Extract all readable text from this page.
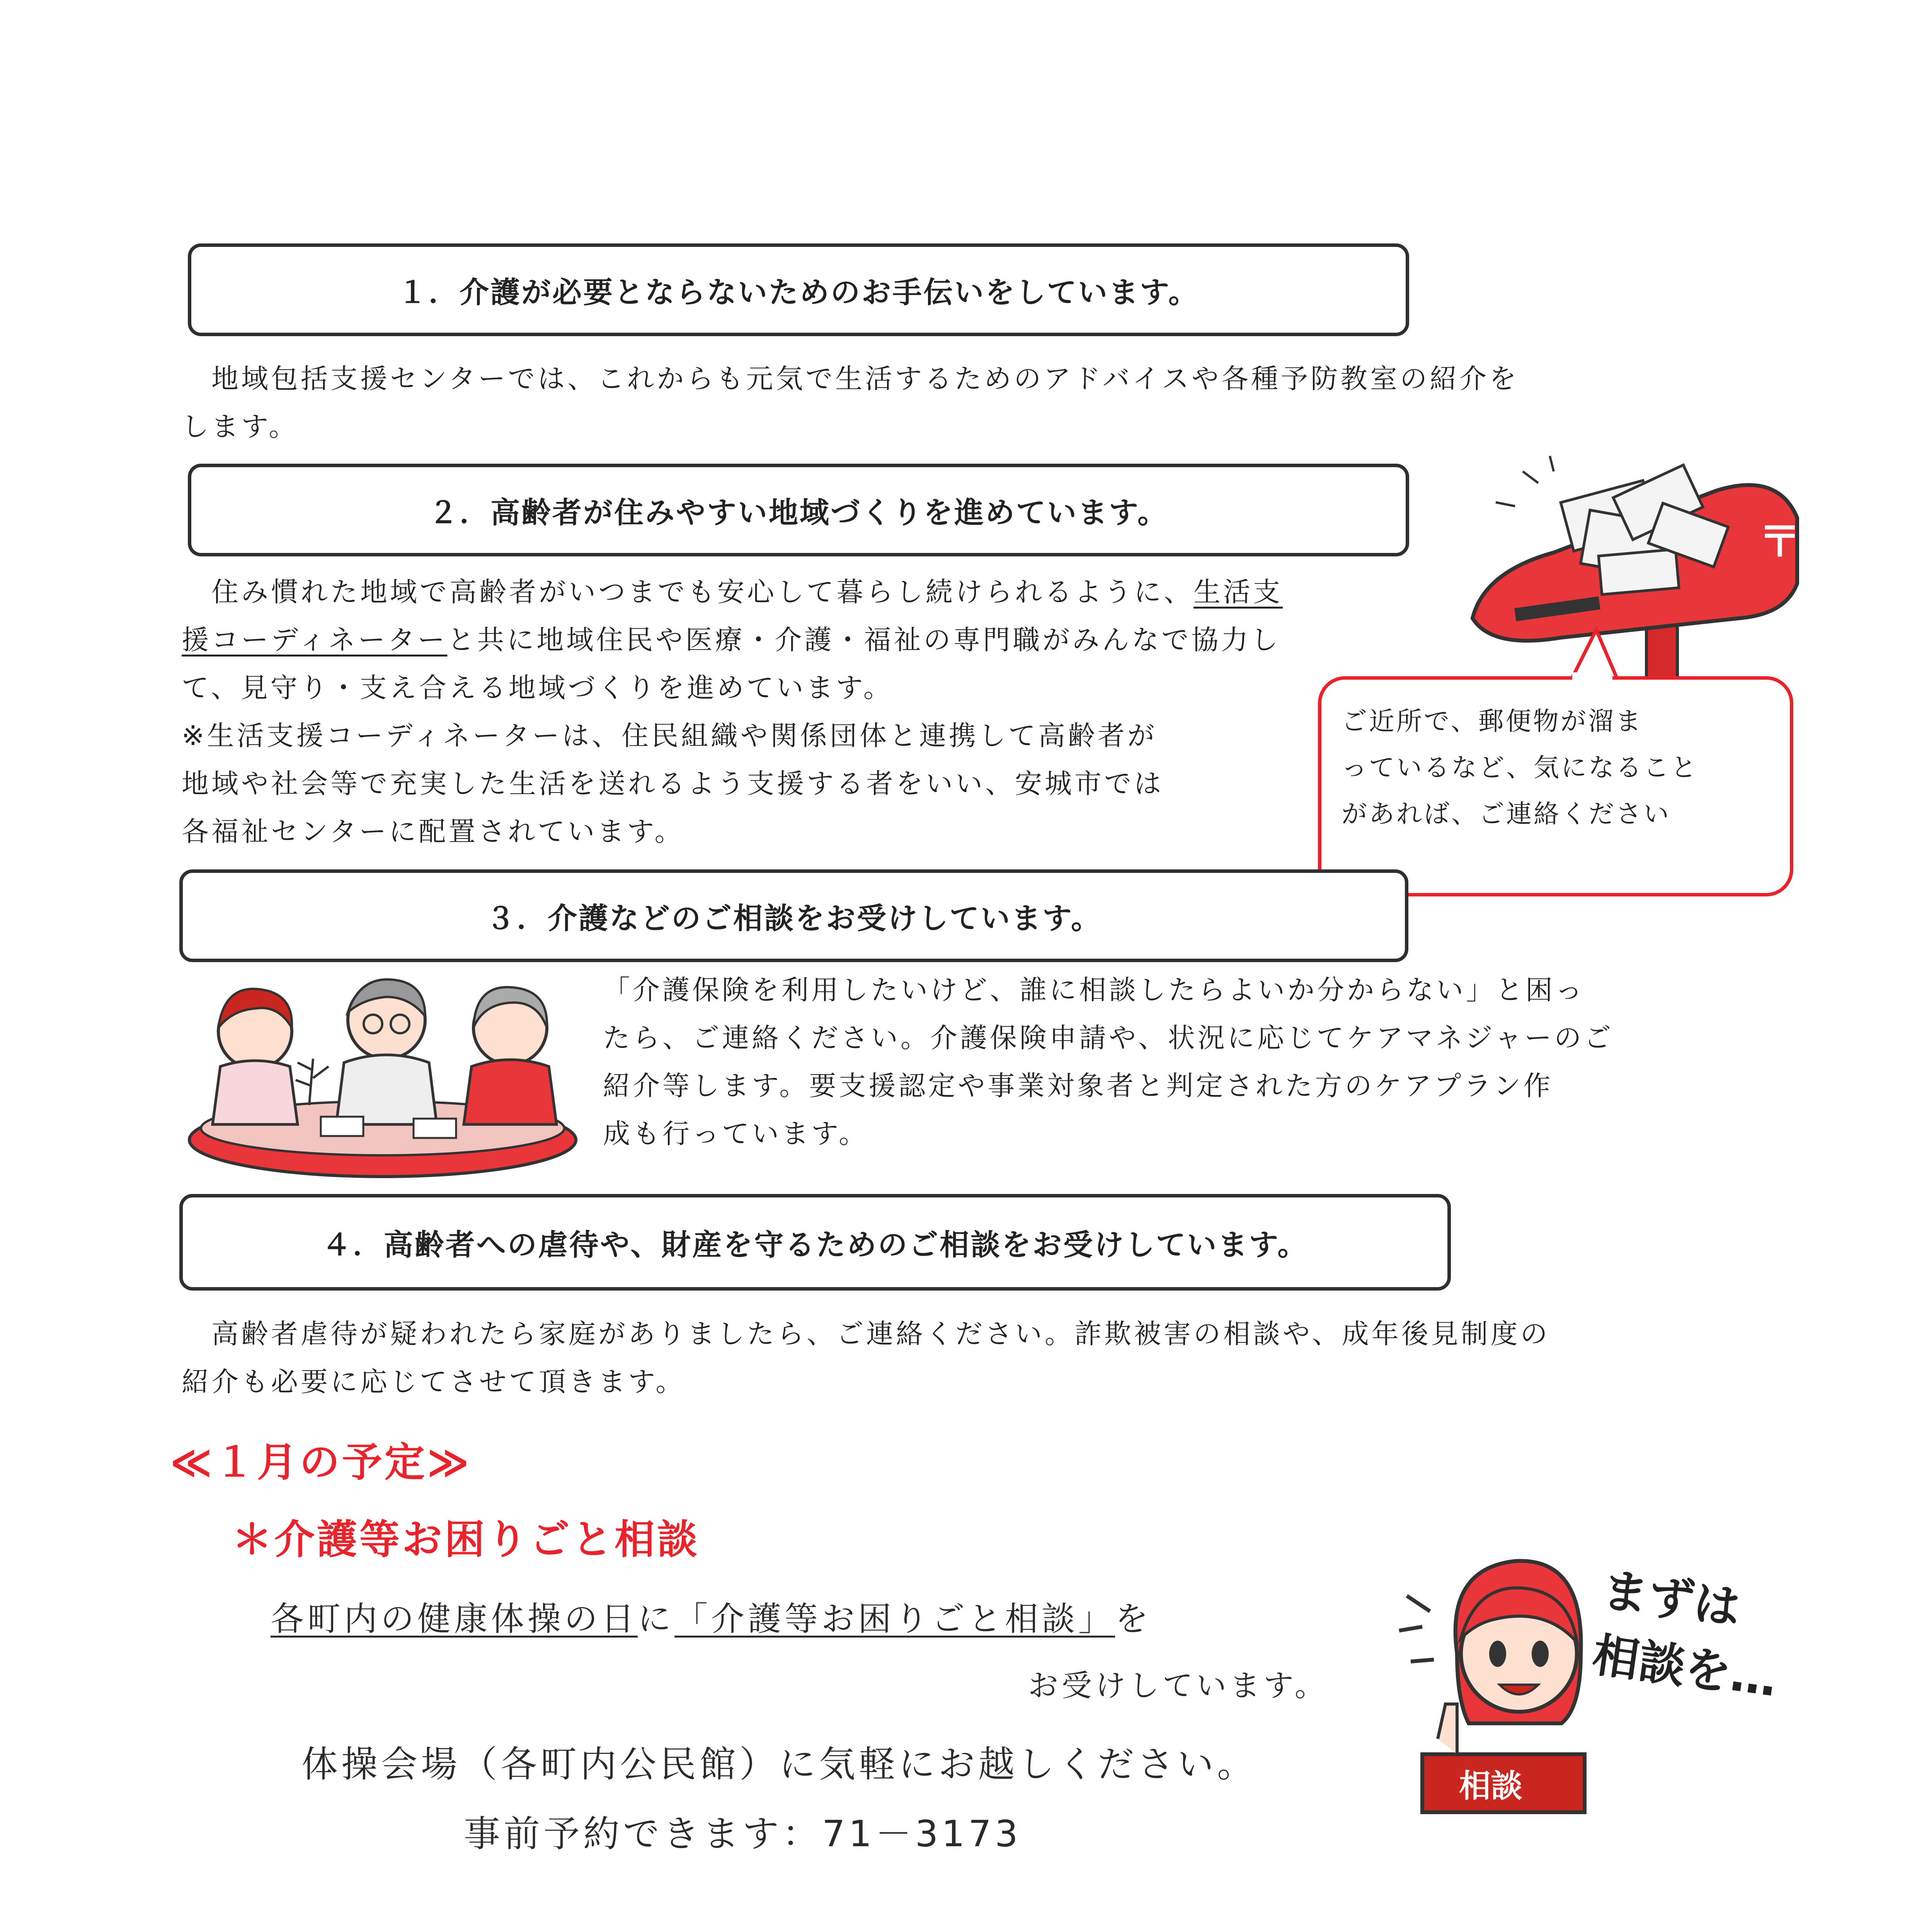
１．介護が必要とならないためのお手伝いをしています。

　地域包括支援センターでは、これからも元気で生活するためのアドバイスや各種予防教室の紹介を

します。

２．高齢者が住みやすい地域づくりを進めています。

　住み慣れた地域で高齢者がいつまでも安心して暮らし続けられるように、生活支

援コーディネーターと共に地域住民や医療・介護・福祉の専門職がみんなで協力し

て、見守り・支え合える地域づくりを進めています。

※生活支援コーディネーターは、住民組織や関係団体と連携して高齢者が

地域や社会等で充実した生活を送れるよう支援する者をいい、安城市では

各福祉センターに配置されています。

〒

ご近所で、郵便物が溜ま

っているなど、気になること

があれば、ご連絡ください

３．介護などのご相談をお受けしています。

「介護保険を利用したいけど、誰に相談したらよいか分からない」と困っ

たら、ご連絡ください。介護保険申請や、状況に応じてケアマネジャーのご

紹介等します。要支援認定や事業対象者と判定された方のケアプラン作

成も行っています。

４．高齢者への虐待や、財産を守るためのご相談をお受けしています。

　高齢者虐待が疑われたら家庭がありましたら、ご連絡ください。詐欺被害の相談や、成年後見制度の

紹介も必要に応じてさせて頂きます。

≪１月の予定≫
＊介護等お困りごと相談
各町内の健康体操の日に「介護等お困りごと相談」を
お受けしています。
体操会場（各町内公民館）に気軽にお越しください。
事前予約できます：71－3173
相談
まずは相談を…
